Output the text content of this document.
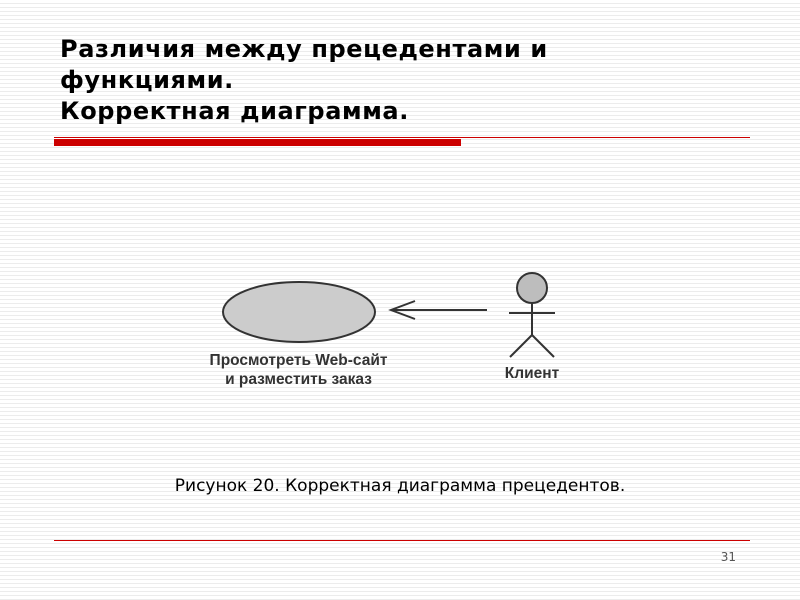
Различия между прецедентами и
функциями.
Корректная диаграмма.
Просмотреть Web-сайт
и разместить заказ	Клиент
Рисунок 20. Корректная диаграмма прецедентов.
31
